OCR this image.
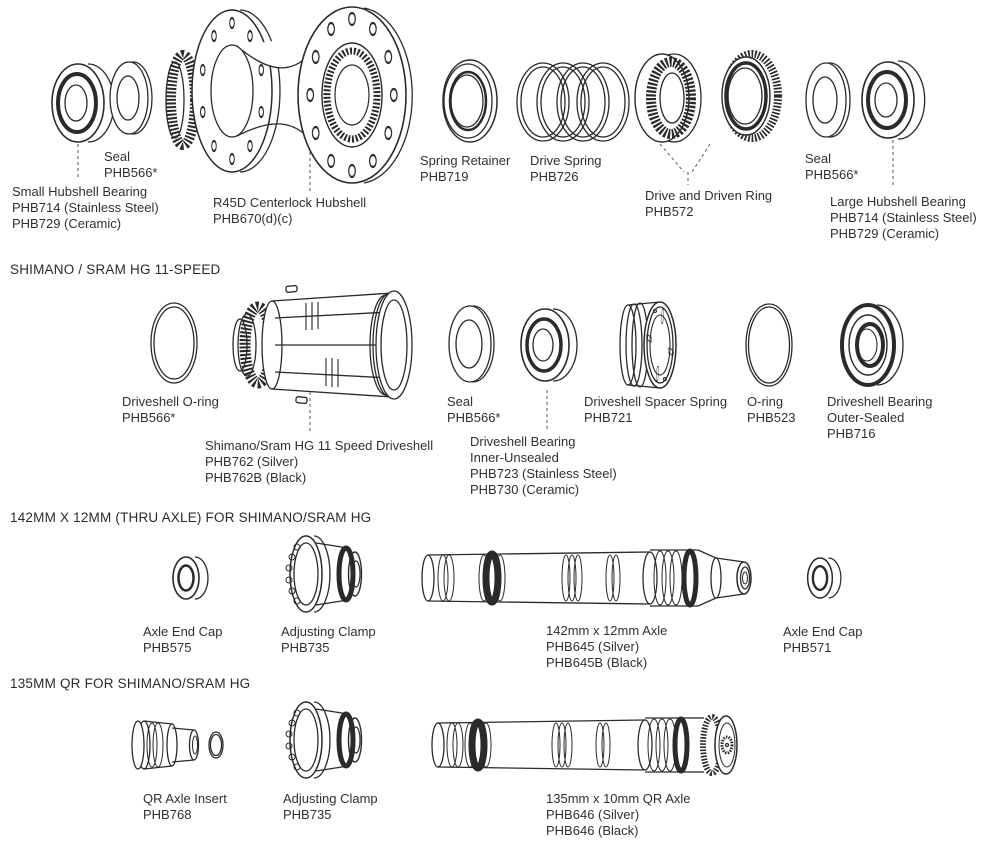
Seal
PHB566*
Small Hubshell Bearing
PHB714 (Stainless Steel)
PHB729 (Ceramic)
R45D Centerlock Hubshell
PHB670(d)(c)
Spring Retainer
PHB719
Drive Spring
PHB726
Drive and Driven Ring
PHB572
Seal
PHB566*
Large Hubshell Bearing
PHB714 (Stainless Steel)
PHB729 (Ceramic)
SHIMANO / SRAM HG 11-SPEED
Driveshell O-ring
PHB566*
Shimano/Sram HG 11 Speed Driveshell
PHB762 (Silver)
PHB762B (Black)
Seal
PHB566*
Driveshell Bearing
Inner-Unsealed
PHB723 (Stainless Steel)
PHB730 (Ceramic)
Driveshell Spacer Spring
PHB721
O-ring
PHB523
Driveshell Bearing
Outer-Sealed
PHB716
142MM X 12MM (THRU AXLE) FOR SHIMANO/SRAM HG
Axle End Cap
PHB575
Adjusting Clamp
PHB735
142mm x 12mm Axle
PHB645 (Silver)
PHB645B (Black)
Axle End Cap
PHB571
135MM QR FOR SHIMANO/SRAM HG
QR Axle Insert
PHB768
Adjusting Clamp
PHB735
135mm x 10mm QR Axle
PHB646 (Silver)
PHB646 (Black)
